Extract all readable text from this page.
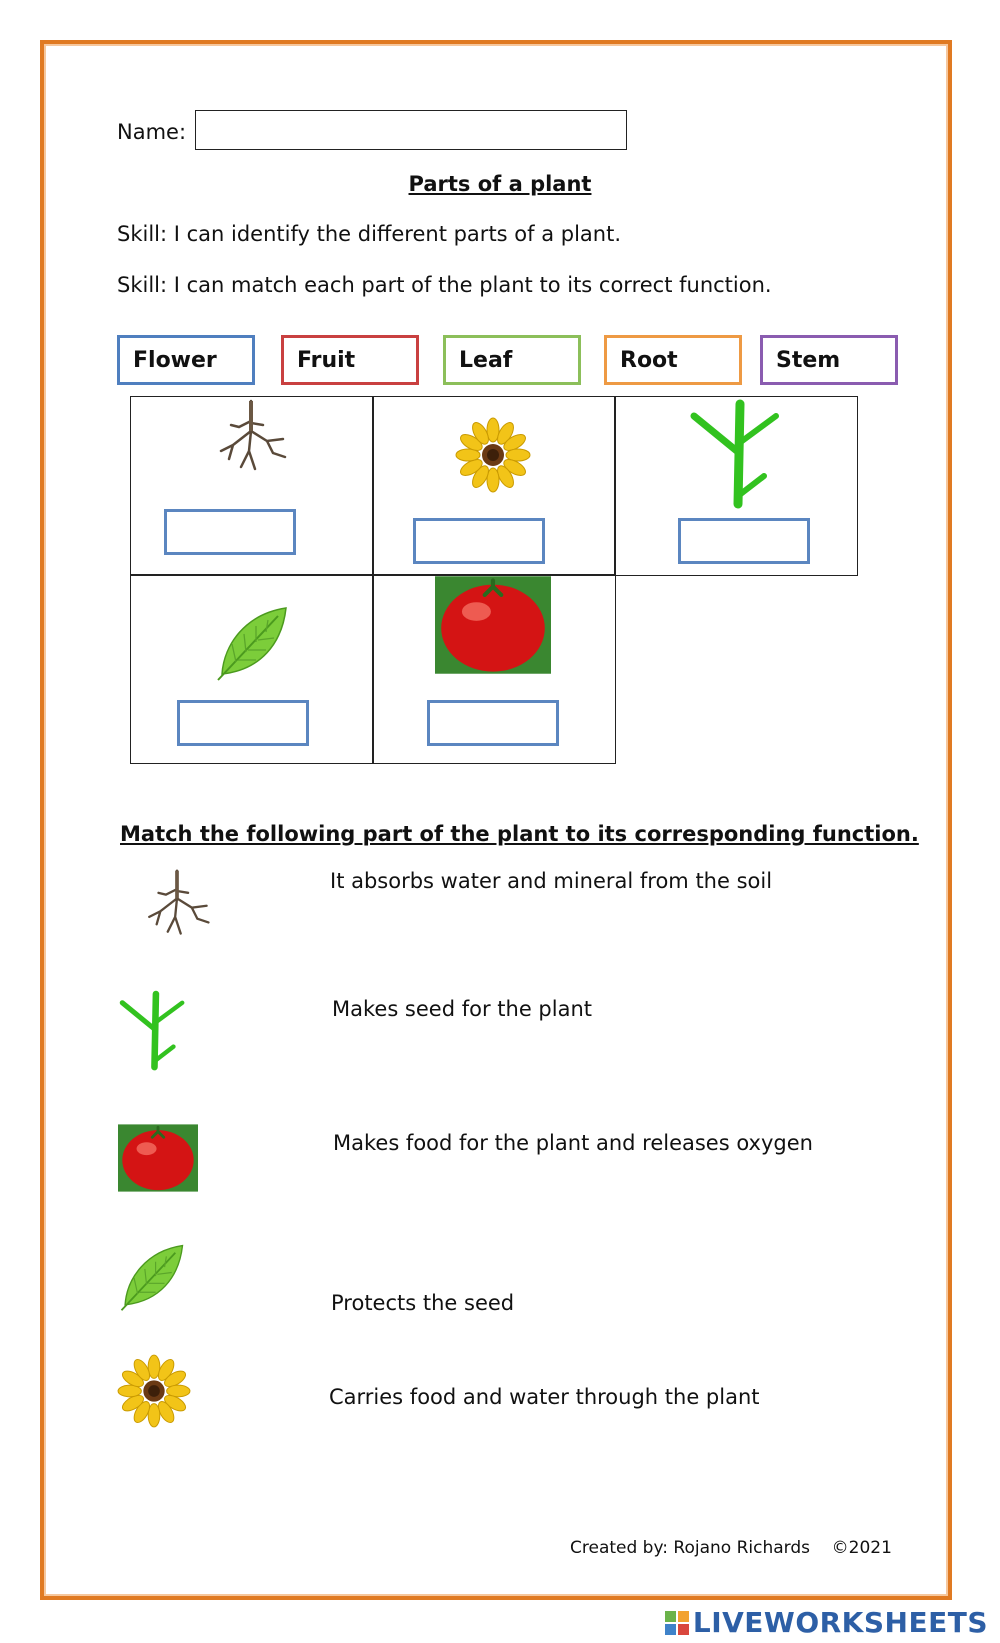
Name:
Parts of a plant
Skill: I can identify the different parts of a plant.
Skill: I can match each part of the plant to its correct function.
Flower	Fruit	Leaf	Root	Stem
Match the following part of the plant to its corresponding function.
It absorbs water and mineral from the soil
Makes seed for the plant
Makes food for the plant and releases oxygen
Protects the seed
Carries food and water through the plant
Created by: Rojano Richards    ©2021
LIVEWORKSHEETS
